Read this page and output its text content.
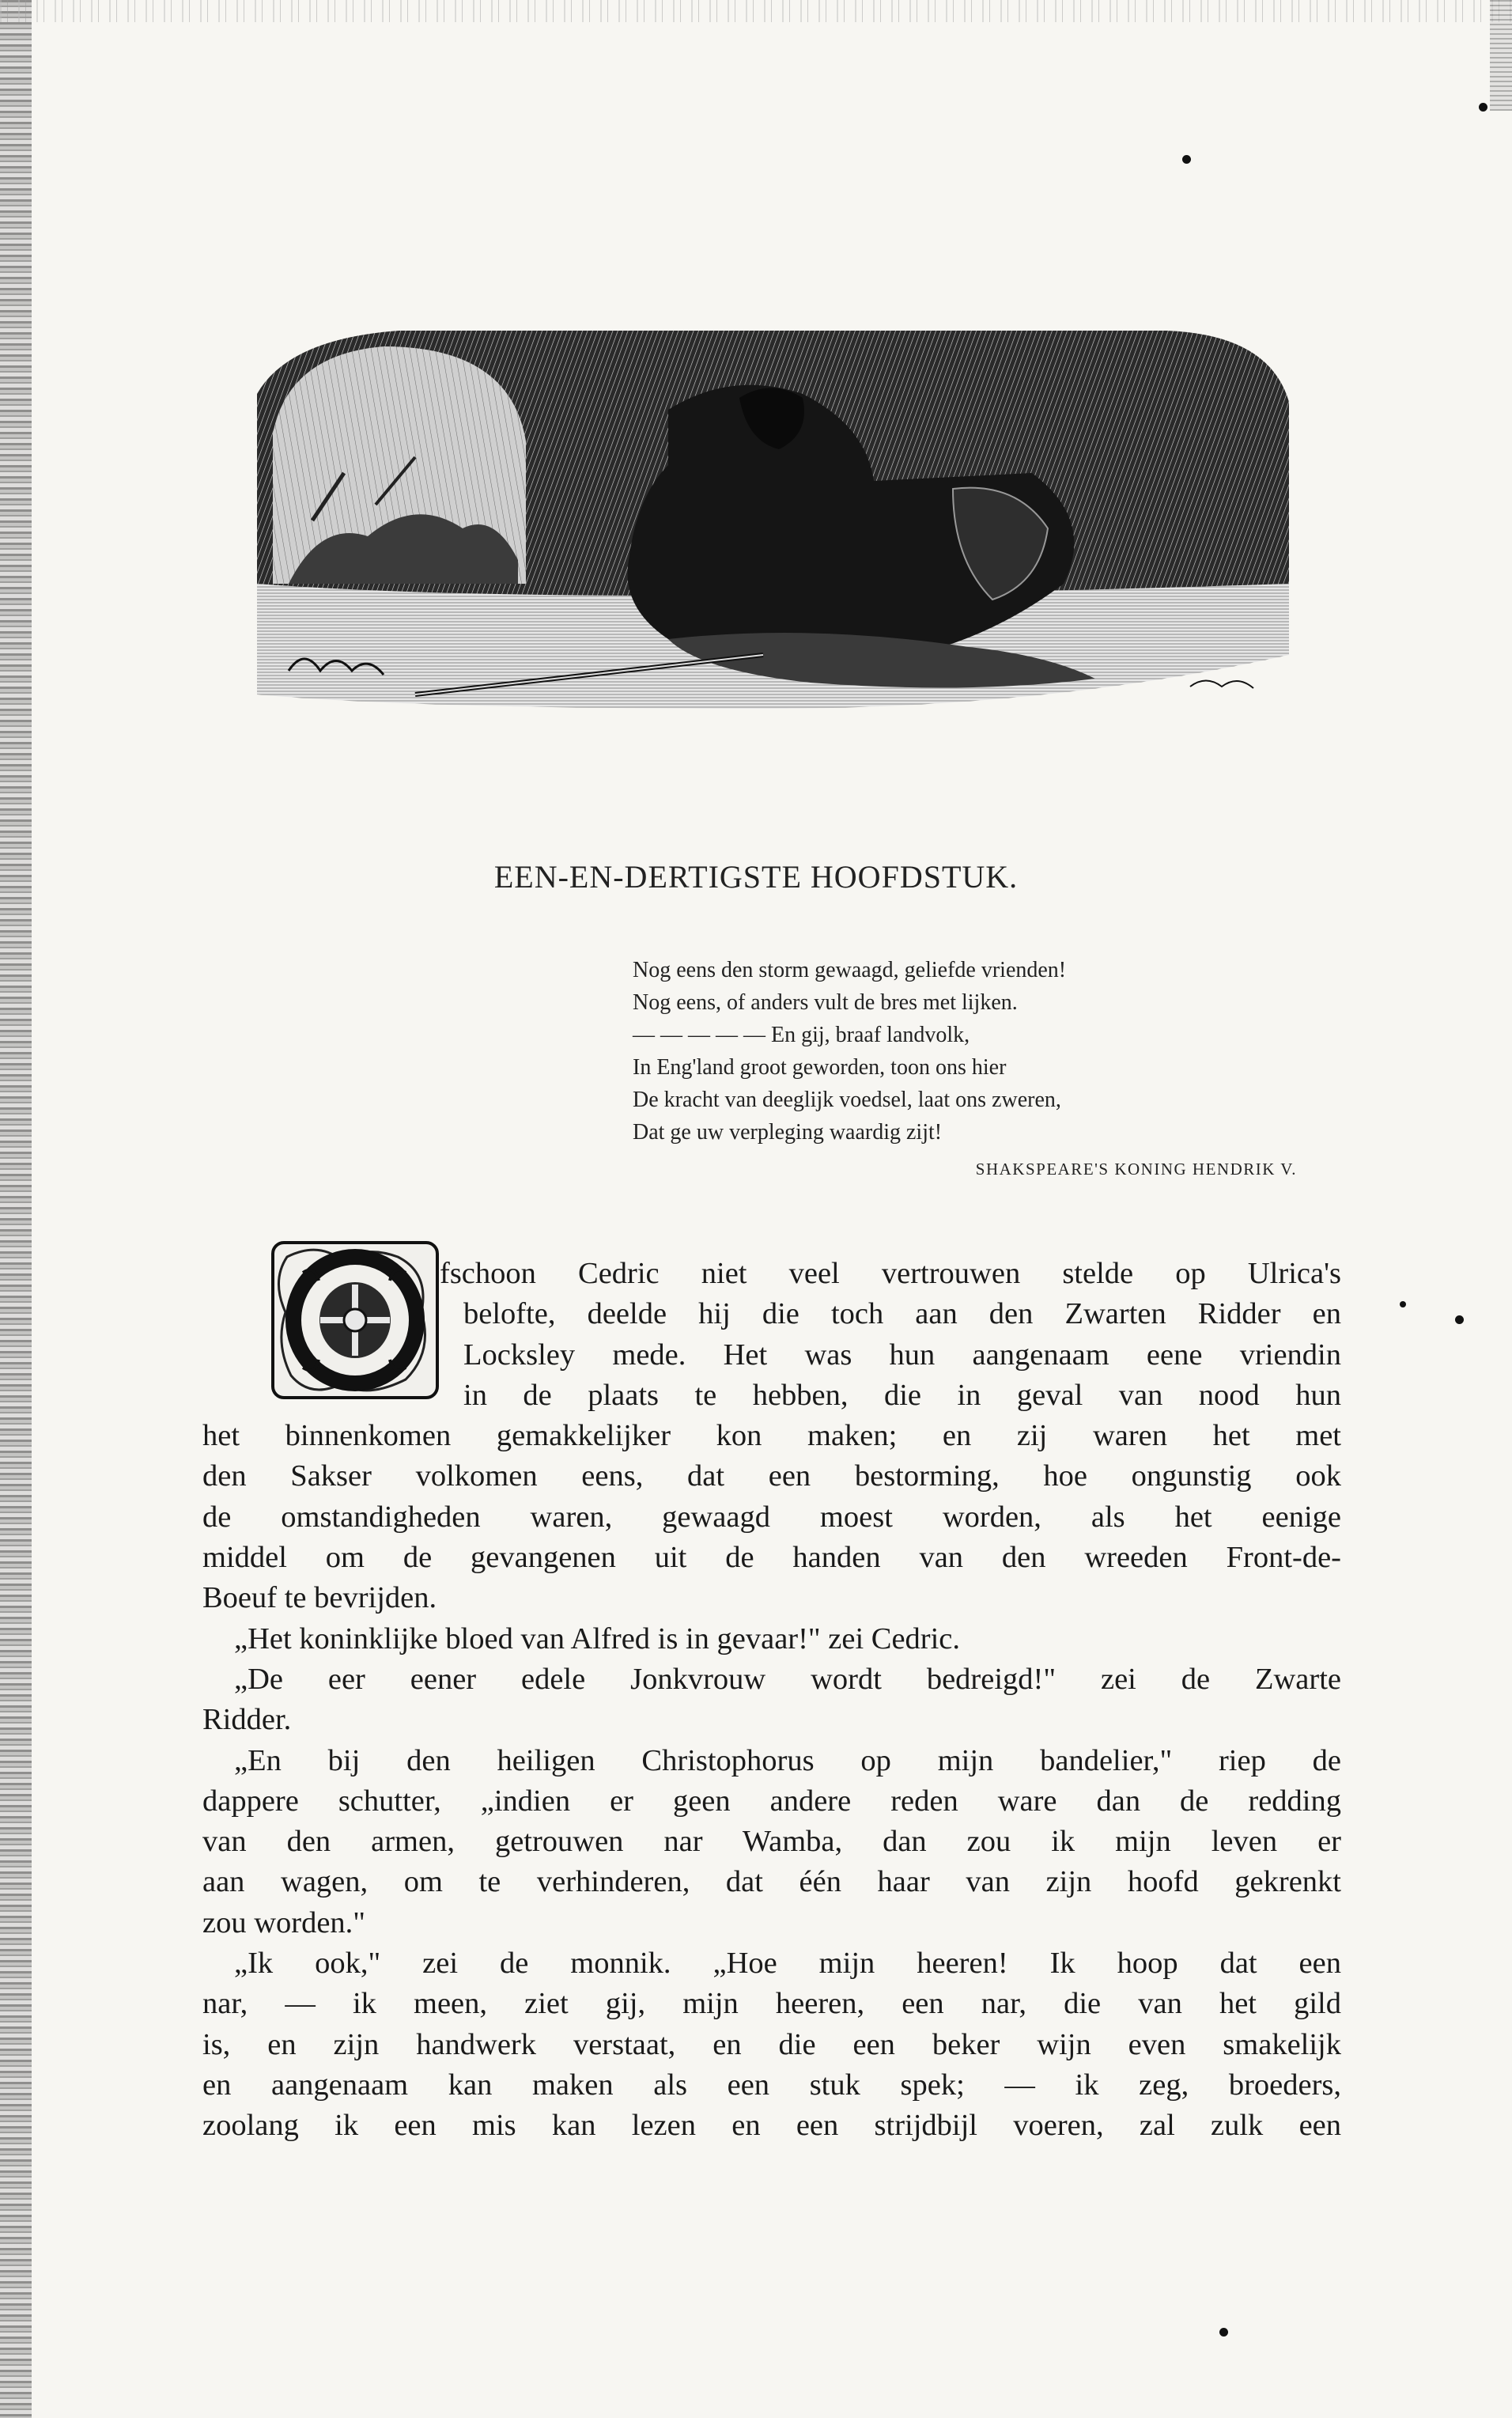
EEN-EN-DERTIGSTE HOOFDSTUK.
Nog eens den storm gewaagd, geliefde vrienden!
Nog eens, of anders vult de bres met lijken.
— — — — — En gij, braaf landvolk,
In Eng'land groot geworden, toon ons hier
De kracht van deeglijk voedsel, laat ons zweren,
Dat ge uw verpleging waardig zijt!
SHAKSPEARE'S KONING HENDRIK V.
fschoon Cedric niet veel vertrouwen stelde op Ulrica's
belofte, deelde hij die toch aan den Zwarten Ridder en
Locksley mede. Het was hun aangenaam eene vriendin
in de plaats te hebben, die in geval van nood hun
het binnenkomen gemakkelijker kon maken; en zij waren het met
den Sakser volkomen eens, dat een bestorming, hoe ongunstig ook
de omstandigheden waren, gewaagd moest worden, als het eenige
middel om de gevangenen uit de handen van den wreeden Front-de-
Boeuf te bevrijden.
„Het koninklijke bloed van Alfred is in gevaar!" zei Cedric.
„De eer eener edele Jonkvrouw wordt bedreigd!" zei de Zwarte
Ridder.
„En bij den heiligen Christophorus op mijn bandelier," riep de
dappere schutter, „indien er geen andere reden ware dan de redding
van den armen, getrouwen nar Wamba, dan zou ik mijn leven er
aan wagen, om te verhinderen, dat één haar van zijn hoofd gekrenkt
zou worden."
„Ik ook," zei de monnik. „Hoe mijn heeren! Ik hoop dat een
nar, — ik meen, ziet gij, mijn heeren, een nar, die van het gild
is, en zijn handwerk verstaat, en die een beker wijn even smakelijk
en aangenaam kan maken als een stuk spek; — ik zeg, broeders,
zoolang ik een mis kan lezen en een strijdbijl voeren, zal zulk een
